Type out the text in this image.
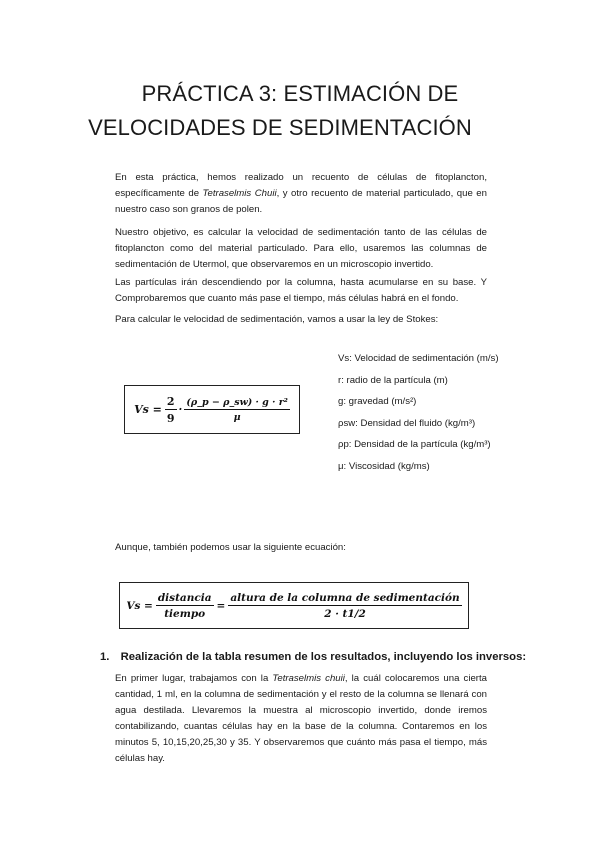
PRÁCTICA 3: ESTIMACIÓN DE
VELOCIDADES DE SEDIMENTACIÓN
En esta práctica, hemos realizado un recuento de células de fitoplancton, específicamente de Tetraselmis Chuii, y otro recuento de material particulado, que en nuestro caso son granos de polen.
Nuestro objetivo, es calcular la velocidad de sedimentación tanto de las células de fitoplancton como del material particulado. Para ello, usaremos las columnas de sedimentación de Utermol, que observaremos en un microscopio invertido.
Las partículas irán descendiendo por la columna, hasta acumularse en su base. Y Comprobaremos que cuanto más pase el tiempo, más células habrá en el fondo.
Para calcular le velocidad de sedimentación, vamos a usar la ley de Stokes:
$Vs = \frac{2}{9} \cdot \frac{\text{(ρ\_p − ρ\_sw) · g · r²}}{\mu}$
Vs: Velocidad de sedimentación (m/s)
r: radio de la partícula (m)
g: gravedad (m/s²)
ρsw: Densidad del fluido (kg/m³)
ρp: Densidad de la partícula (kg/m³)
μ: Viscosidad (kg/ms)
Aunque, también podemos usar la siguiente ecuación:
$Vs = \frac{\text{distancia}}{\text{tiempo}} = \frac{\text{altura de la columna de sedimentación}}{2 \cdot t1/2}$
1. Realización de la tabla resumen de los resultados, incluyendo los inversos:
En primer lugar, trabajamos con la Tetraselmis chuii, la cuál colocaremos una cierta cantidad, 1 ml, en la columna de sedimentación y el resto de la columna se llenará con agua destilada. Llevaremos la muestra al microscopio invertido, donde iremos contabilizando, cuantas células hay en la base de la columna. Contaremos en los minutos 5, 10,15,20,25,30 y 35. Y observaremos que cuánto más pasa el tiempo, más células hay.
